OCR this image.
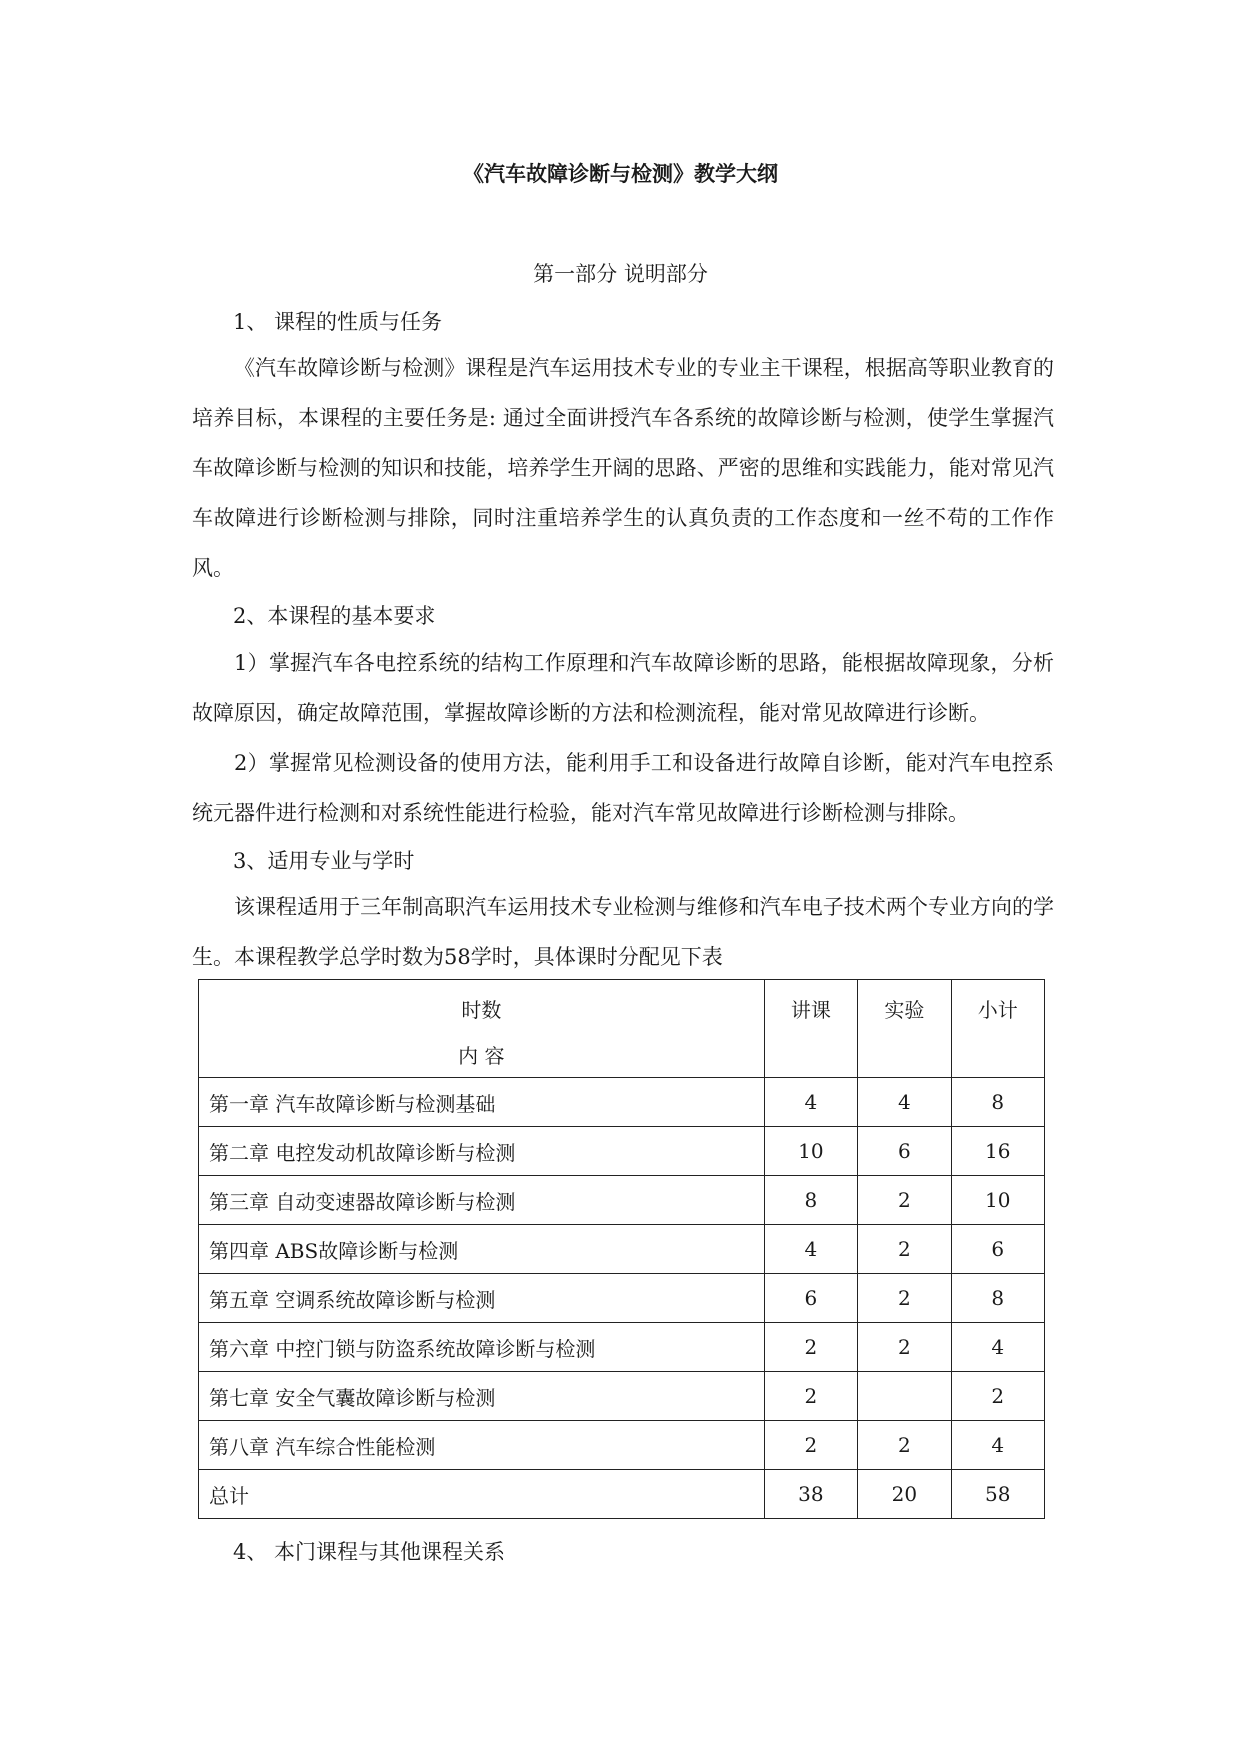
《汽车故障诊断与检测》教学大纲
第一部分 说明部分
1、 课程的性质与任务

《汽车故障诊断与检测》课程是汽车运用技术专业的专业主干课程，根据高等职业教育的培养目标，本课程的主要任务是: 通过全面讲授汽车各系统的故障诊断与检测，使学生掌握汽车故障诊断与检测的知识和技能，培养学生开阔的思路、严密的思维和实践能力，能对常见汽车故障进行诊断检测与排除，同时注重培养学生的认真负责的工作态度和一丝不苟的工作作风。

2、本课程的基本要求

1）掌握汽车各电控系统的结构工作原理和汽车故障诊断的思路，能根据故障现象，分析故障原因，确定故障范围，掌握故障诊断的方法和检测流程，能对常见故障进行诊断。

2）掌握常见检测设备的使用方法，能利用手工和设备进行故障自诊断，能对汽车电控系统元器件进行检测和对系统性能进行检验，能对汽车常见故障进行诊断检测与排除。

3、适用专业与学时

该课程适用于三年制高职汽车运用技术专业检测与维修和汽车电子技术两个专业方向的学生。本课程教学总学时数为58学时，具体课时分配见下表

时数
内 容	讲课	实验	小计
第一章 汽车故障诊断与检测基础	4	4	8
第二章 电控发动机故障诊断与检测	10	6	16
第三章 自动变速器故障诊断与检测	8	2	10
第四章 ABS故障诊断与检测	4	2	6
第五章 空调系统故障诊断与检测	6	2	8
第六章 中控门锁与防盗系统故障诊断与检测	2	2	4
第七章 安全气囊故障诊断与检测	2		2
第八章 汽车综合性能检测	2	2	4
总计	38	20	58
4、 本门课程与其他课程关系
